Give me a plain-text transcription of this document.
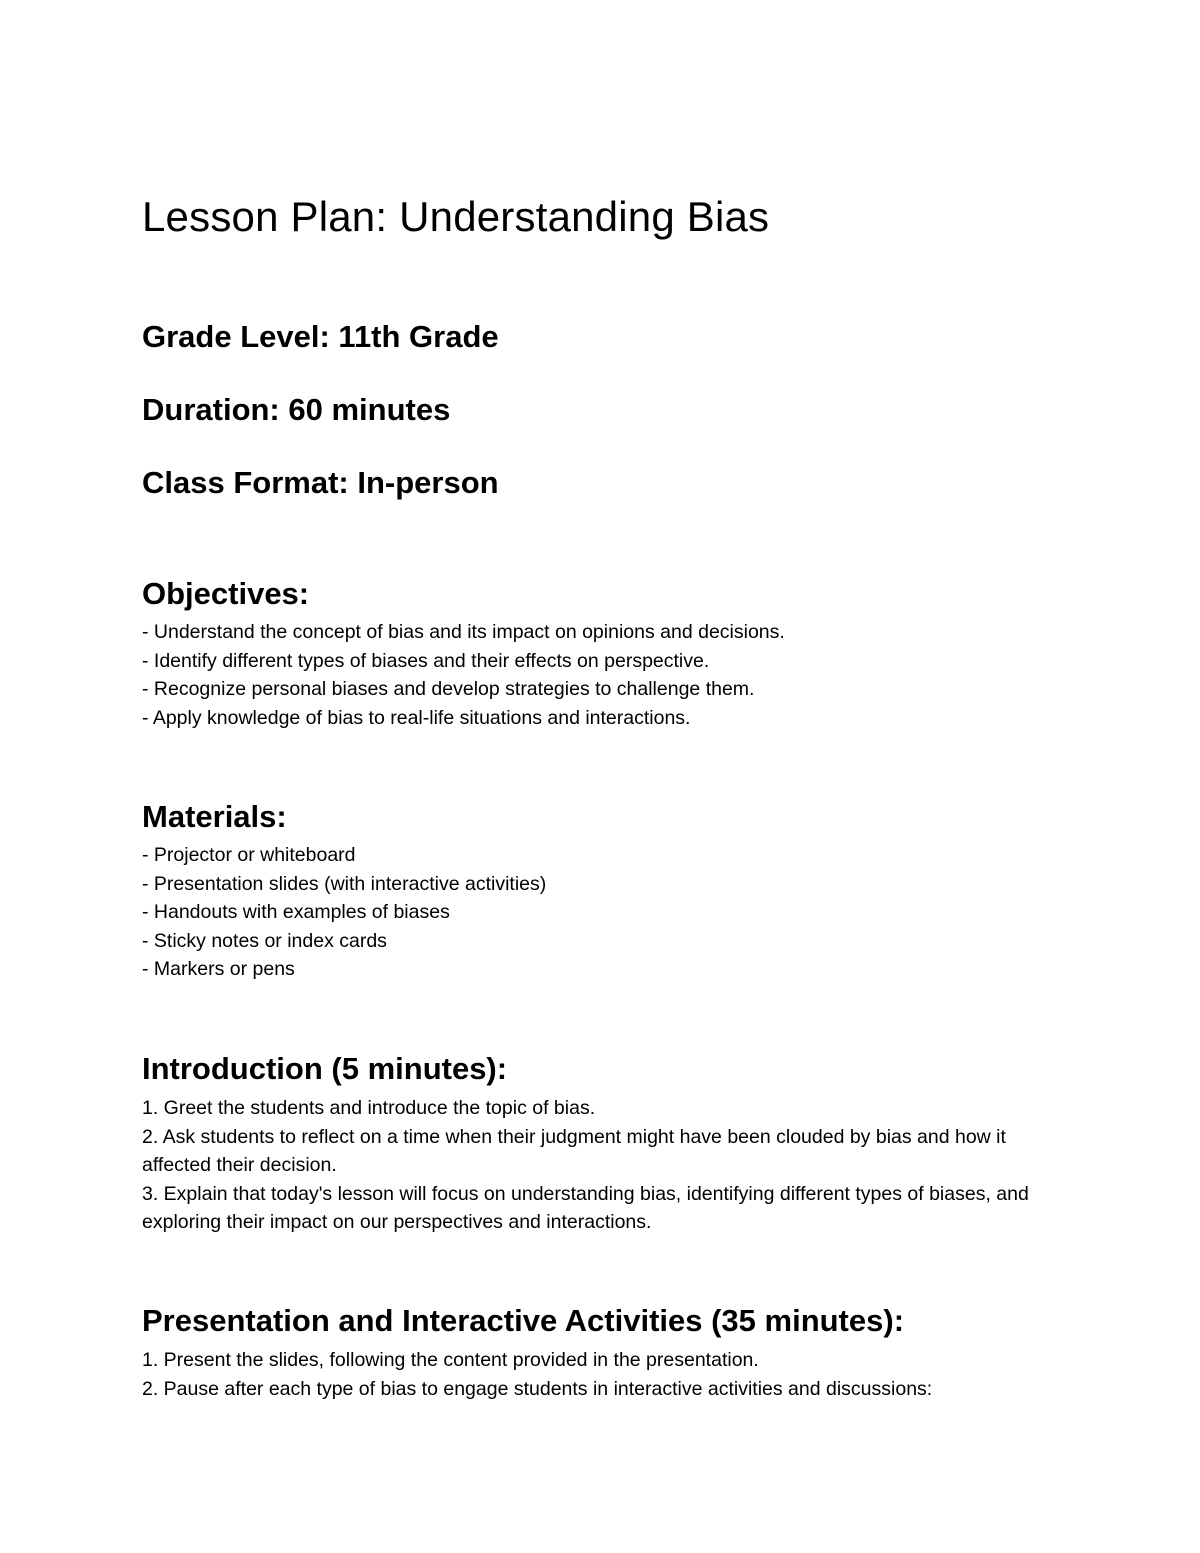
Lesson Plan: Understanding Bias
Grade Level: 11th Grade
Duration: 60 minutes
Class Format: In-person
Objectives:
- Understand the concept of bias and its impact on opinions and decisions.
- Identify different types of biases and their effects on perspective.
- Recognize personal biases and develop strategies to challenge them.
- Apply knowledge of bias to real-life situations and interactions.
Materials:
- Projector or whiteboard
- Presentation slides (with interactive activities)
- Handouts with examples of biases
- Sticky notes or index cards
- Markers or pens
Introduction (5 minutes):
1. Greet the students and introduce the topic of bias.
2. Ask students to reflect on a time when their judgment might have been clouded by bias and how it affected their decision.
3. Explain that today's lesson will focus on understanding bias, identifying different types of biases, and exploring their impact on our perspectives and interactions.
Presentation and Interactive Activities (35 minutes):
1. Present the slides, following the content provided in the presentation.
2. Pause after each type of bias to engage students in interactive activities and discussions:
